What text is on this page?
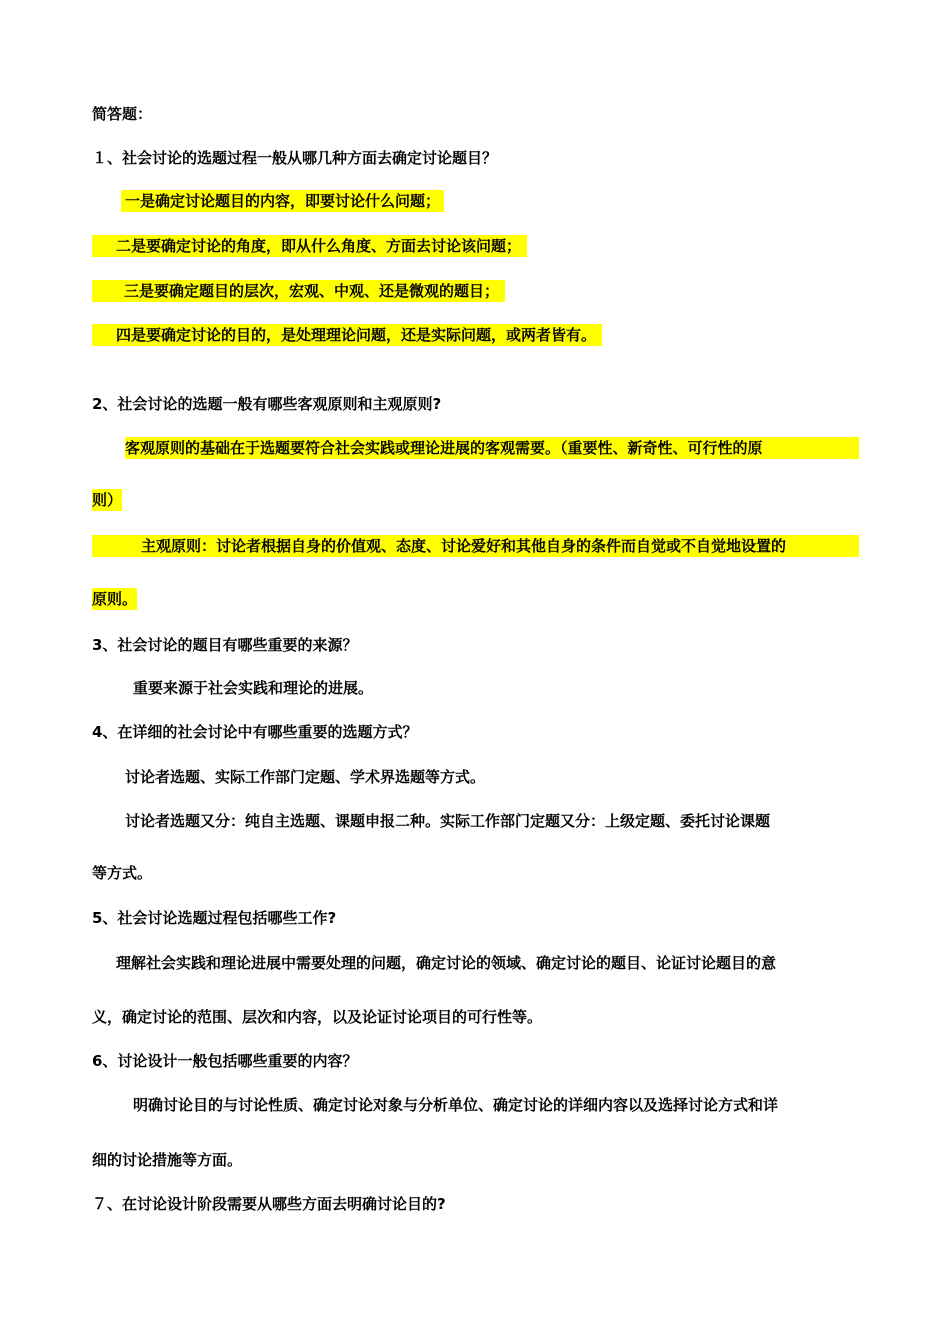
简答题：
１、社会讨论的选题过程一般从哪几种方面去确定讨论题目？
一是确定讨论题目的内容，即要讨论什么问题；
二是要确定讨论的角度，即从什么角度、方面去讨论该问题；
三是要确定题目的层次，宏观、中观、还是微观的题目；
四是要确定讨论的目的，是处理理论问题，还是实际问题，或两者皆有。
2、社会讨论的选题一般有哪些客观原则和主观原则?
客观原则的基础在于选题要符合社会实践或理论进展的客观需要。（重要性、新奇性、可行性的原
则）
主观原则：讨论者根据自身的价值观、态度、讨论爱好和其他自身的条件而自觉或不自觉地设置的
原则。
3、社会讨论的题目有哪些重要的来源？
重要来源于社会实践和理论的进展。
4、在详细的社会讨论中有哪些重要的选题方式？
讨论者选题、实际工作部门定题、学术界选题等方式。
讨论者选题又分：纯自主选题、课题申报二种。实际工作部门定题又分：上级定题、委托讨论课题
等方式。
5、社会讨论选题过程包括哪些工作?
理解社会实践和理论进展中需要处理的问题，确定讨论的领域、确定讨论的题目、论证讨论题目的意
义，确定讨论的范围、层次和内容，以及论证讨论项目的可行性等。
6、讨论设计一般包括哪些重要的内容？
明确讨论目的与讨论性质、确定讨论对象与分析单位、确定讨论的详细内容以及选择讨论方式和详
细的讨论措施等方面。
７、在讨论设计阶段需要从哪些方面去明确讨论目的?
